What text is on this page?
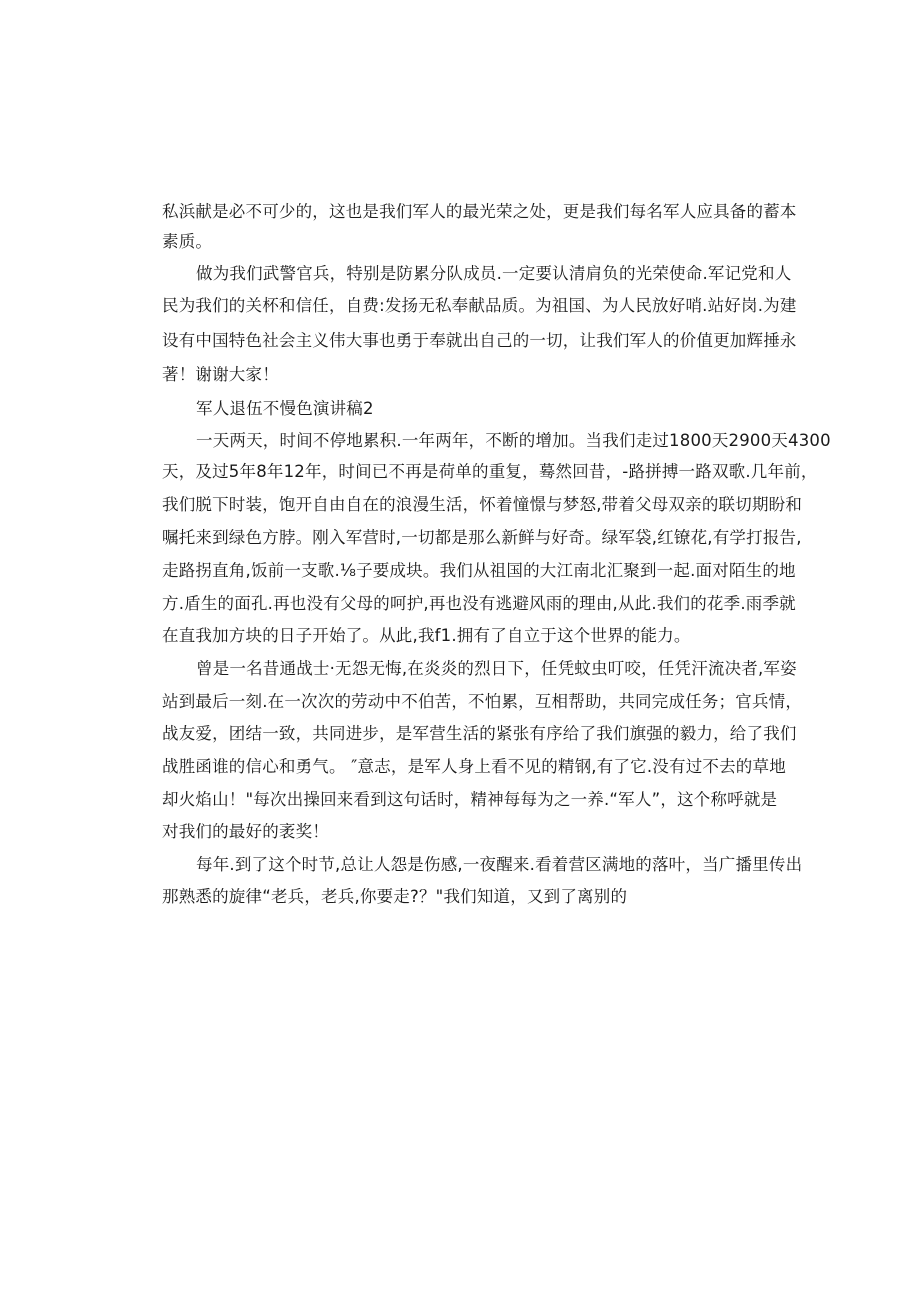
私浜献是必不可少的，这也是我们军人的最光荣之处，更是我们每名军人应具备的蓄本
素质。
做为我们武警官兵，特别是防累分队成员.一定要认清肩负的光荣使命.军记党和人
民为我们的关杯和信任，自费:发扬无私奉献品质。为祖国、为人民放好哨.站好岗.为建
设有中国特色社会主义伟大事也勇于奉就出自己的一切，让我们军人的价值更加辉捶永
著！谢谢大家！
军人退伍不慢色演讲稿2
一天两天，时间不停地累积.一年两年，不断的增加。当我们走过1800天2900天4300
天，及过5年8年12年，时间已不再是荷单的重复，蓦然回昔，-路拼搏一路双歌.几年前，
我们脱下时装，饱开自由自在的浪漫生活，怀着憧憬与梦怒,带着父母双亲的联切期盼和
嘱托来到绿色方脖。刚入军营时,一切都是那么新鲜与好奇。绿军袋,红镣花,有学打报告,
走路拐直角,饭前一支歌.⅛子要成块。我们从祖国的大江南北汇聚到一起.面对陌生的地
方.盾生的面孔.再也没有父母的呵护,再也没有逃避风雨的理由,从此.我们的花季.雨季就
在直我加方块的日子开始了。从此,我f1.拥有了自立于这个世界的能力。
曾是一名昔通战士·无怨无悔,在炎炎的烈日下，任凭蚊虫叮咬，任凭汗流决者,军姿
站到最后一刻.在一次次的劳动中不伯苦，不怕累，互相帮助，共同完成任务；官兵情，
战友爱，团结一致，共同进步，是军营生活的紧张有序给了我们旗强的毅力，给了我们
战胜函谁的信心和勇气。 ″意志，是军人身上看不见的精钢,有了它.没有过不去的草地
却火焰山！"每次出操回来看到这句话时，精神每每为之一养.“军人”，这个称呼就是
对我们的最好的袤奖！
每年.到了这个时节,总让人怨是伤感,一夜醒来.看着营区满地的落叶，当广播里传出
那熟悉的旋律“老兵，老兵,你要走?？"我们知道，又到了离别的
